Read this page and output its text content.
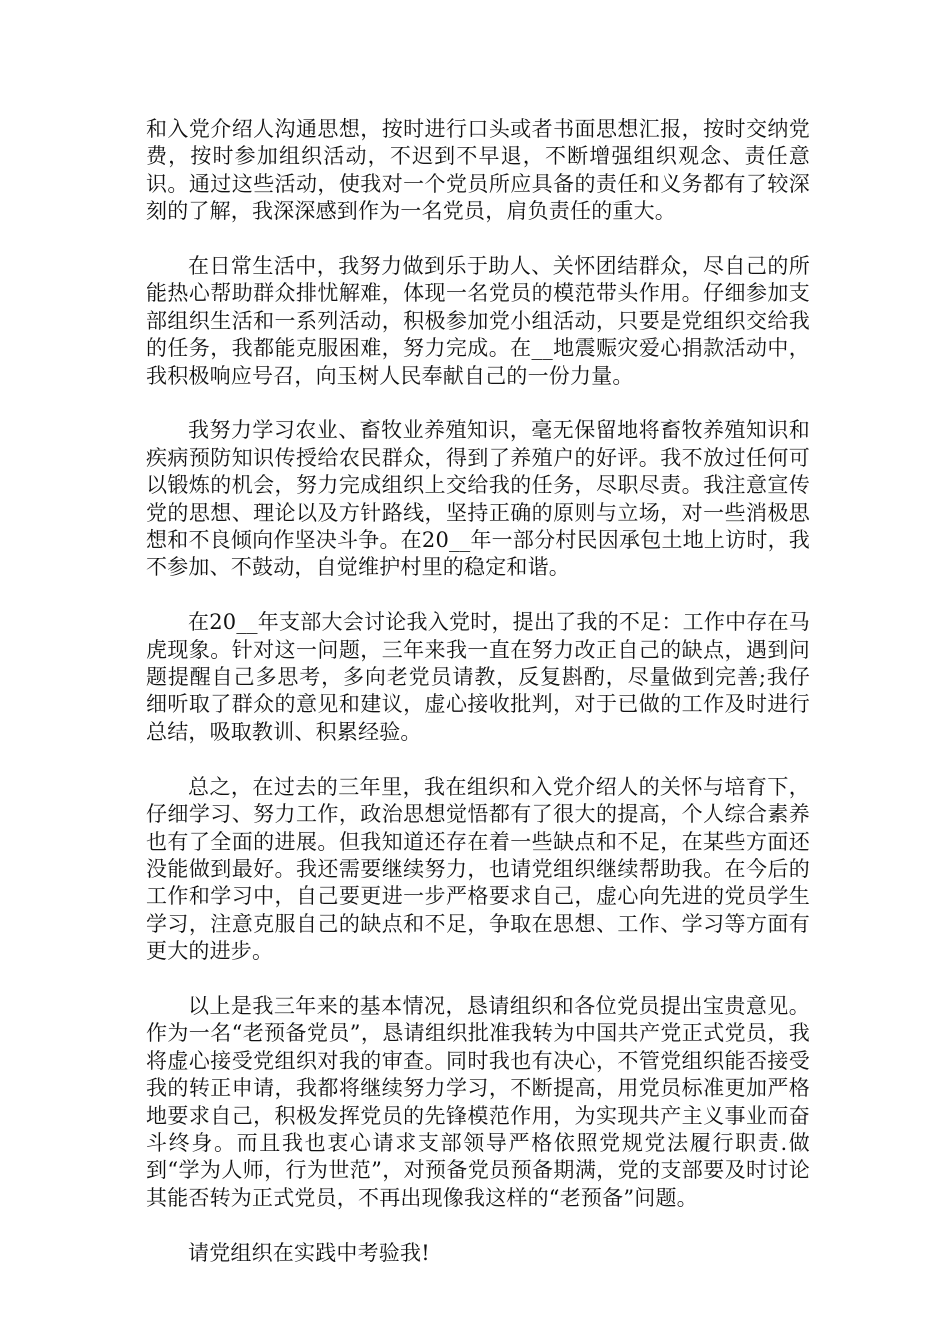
和入党介绍人沟通思想，按时进行口头或者书面思想汇报，按时交纳党费，按时参加组织活动，不迟到不早退，不断增强组织观念、责任意识。通过这些活动，使我对一个党员所应具备的责任和义务都有了较深刻的了解，我深深感到作为一名党员，肩负责任的重大。

在日常生活中，我努力做到乐于助人、关怀团结群众，尽自己的所能热心帮助群众排忧解难，体现一名党员的模范带头作用。仔细参加支部组织生活和一系列活动，积极参加党小组活动，只要是党组织交给我的任务，我都能克服困难，努力完成。在__地震赈灾爱心捐款活动中，我积极响应号召，向玉树人民奉献自己的一份力量。

我努力学习农业、畜牧业养殖知识，毫无保留地将畜牧养殖知识和疾病预防知识传授给农民群众，得到了养殖户的好评。我不放过任何可以锻炼的机会，努力完成组织上交给我的任务，尽职尽责。我注意宣传党的思想、理论以及方针路线，坚持正确的原则与立场，对一些消极思想和不良倾向作坚决斗争。在20__年一部分村民因承包土地上访时，我不参加、不鼓动，自觉维护村里的稳定和谐。

在20__年支部大会讨论我入党时，提出了我的不足：工作中存在马虎现象。针对这一问题，三年来我一直在努力改正自己的缺点，遇到问题提醒自己多思考，多向老党员请教，反复斟酌，尽量做到完善;我仔细听取了群众的意见和建议，虚心接收批判，对于已做的工作及时进行总结，吸取教训、积累经验。

总之，在过去的三年里，我在组织和入党介绍人的关怀与培育下，仔细学习、努力工作，政治思想觉悟都有了很大的提高，个人综合素养也有了全面的进展。但我知道还存在着一些缺点和不足，在某些方面还没能做到最好。我还需要继续努力，也请党组织继续帮助我。在今后的工作和学习中，自己要更进一步严格要求自己，虚心向先进的党员学生学习，注意克服自己的缺点和不足，争取在思想、工作、学习等方面有更大的进步。

以上是我三年来的基本情况，恳请组织和各位党员提出宝贵意见。作为一名“老预备党员”，恳请组织批准我转为中国共产党正式党员，我将虚心接受党组织对我的审查。同时我也有决心，不管党组织能否接受我的转正申请，我都将继续努力学习，不断提高，用党员标准更加严格地要求自己，积极发挥党员的先锋模范作用，为实现共产主义事业而奋斗终身。而且我也衷心请求支部领导严格依照党规党法履行职责.做到“学为人师，行为世范”，对预备党员预备期满，党的支部要及时讨论其能否转为正式党员，不再出现像我这样的“老预备”问题。

请党组织在实践中考验我!
